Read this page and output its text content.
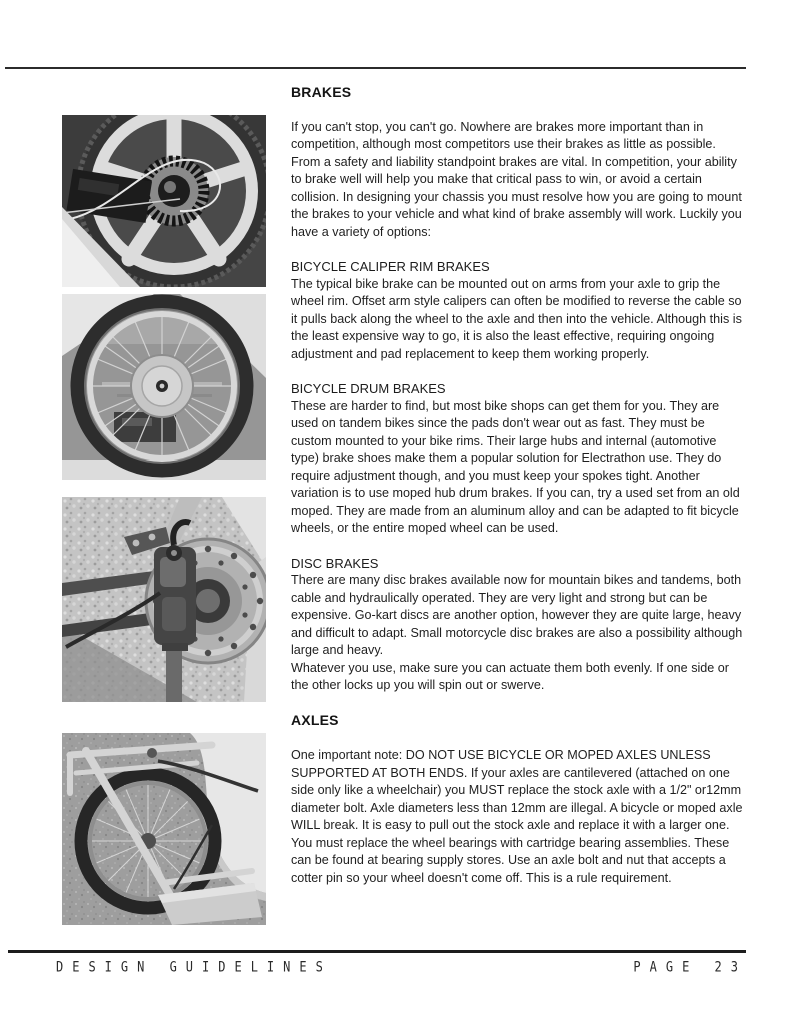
BRAKES

If you can't stop, you can't go. Nowhere are brakes more important than in competition, although most competitors use their brakes as little as possible. From a safety and liability standpoint brakes are vital. In competition, your ability to brake well will help you make that critical pass to win, or avoid a certain collision. In designing your chassis you must resolve how you are going to mount the brakes to your vehicle and what kind of brake assembly will work. Luckily you have a variety of options:

BICYCLE CALIPER RIM BRAKES

The typical bike brake can be mounted out on arms from your axle to grip the wheel rim. Offset arm style calipers can often be modified to reverse the cable so it pulls back along the wheel to the axle and then into the vehicle. Although this is the least expensive way to go, it is also the least effective, requiring ongoing adjustment and pad replacement to keep them working properly.

BICYCLE DRUM BRAKES

These are harder to find, but most bike shops can get them for you. They are used on tandem bikes since the pads don't wear out as fast. They must be custom mounted to your bike rims. Their large hubs and internal (automotive type) brake shoes make them a popular solution for Electrathon use. They do require adjustment though, and you must keep your spokes tight. Another variation is to use moped hub drum brakes. If you can, try a used set from an old moped. They are made from an aluminum alloy and can be adapted to fit bicycle wheels, or the entire moped wheel can be used.

DISC BRAKES

There are many disc brakes available now for mountain bikes and tandems, both cable and hydraulically operated. They are very light and strong but can be expensive. Go-kart discs are another option, however they are quite large, heavy and difficult to adapt. Small motorcycle disc brakes are also a possibility although large and heavy.

Whatever you use, make sure you can actuate them both evenly. If one side or the other locks up you will spin out or swerve.

AXLES

One important note: DO NOT USE BICYCLE OR MOPED AXLES UNLESS SUPPORTED AT BOTH ENDS. If your axles are cantilevered (attached on one side only like a wheelchair) you MUST replace the stock axle with a 1/2" or12mm diameter bolt. Axle diameters less than 12mm are illegal. A bicycle or moped axle WILL break. It is easy to pull out the stock axle and replace it with a larger one. You must replace the wheel bearings with cartridge bearing assemblies. These can be found at bearing supply stores. Use an axle bolt and nut that accepts a cotter pin so your wheel doesn't come off. This is a rule requirement.

DESIGN GUIDELINES	PAGE 23
